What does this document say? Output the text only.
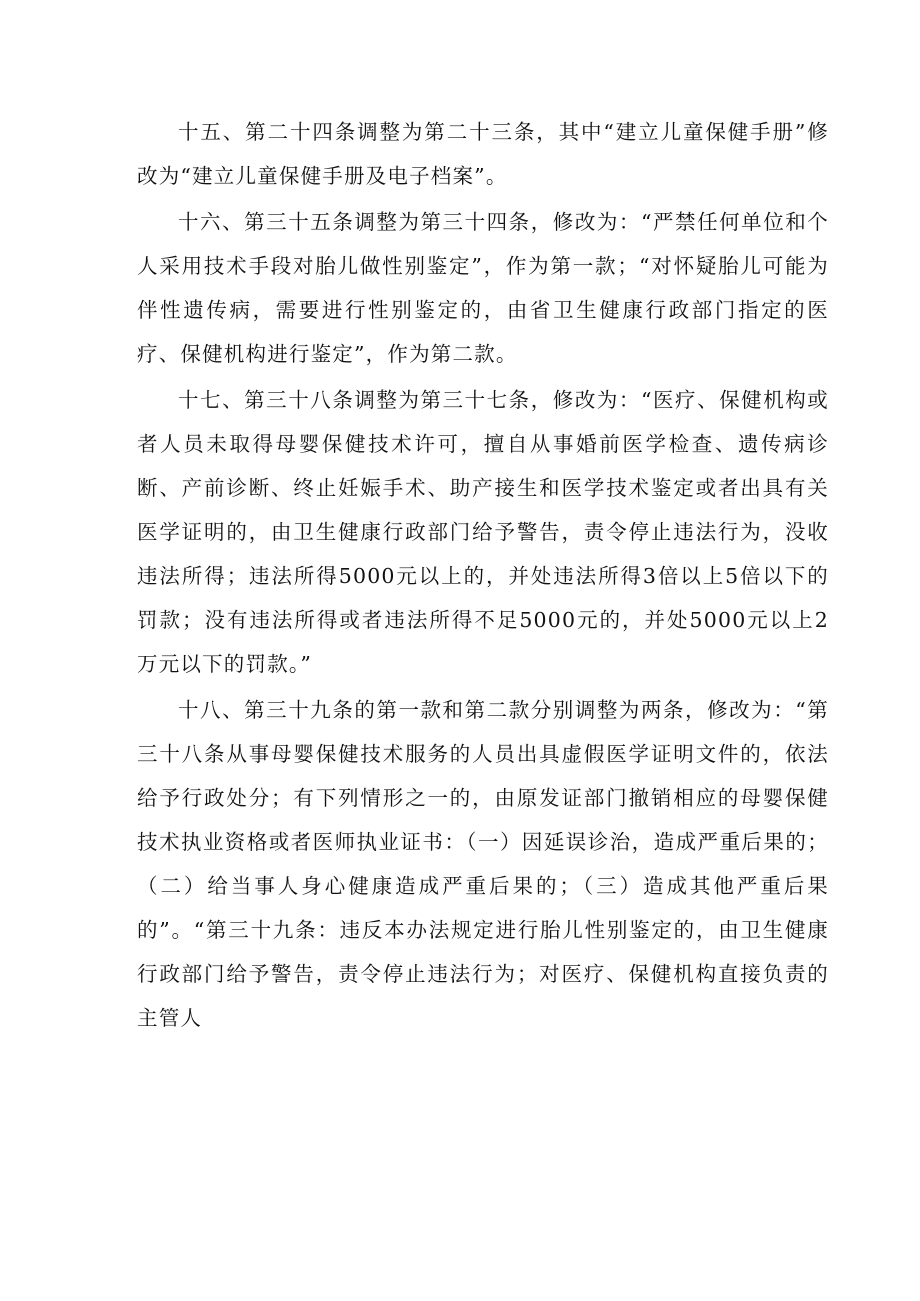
十五、第二十四条调整为第二十三条，其中“建立儿童保健手册”修改为“建立儿童保健手册及电子档案”。

十六、第三十五条调整为第三十四条，修改为：“严禁任何单位和个人采用技术手段对胎儿做性别鉴定”，作为第一款；“对怀疑胎儿可能为伴性遗传病，需要进行性别鉴定的，由省卫生健康行政部门指定的医疗、保健机构进行鉴定”，作为第二款。

十七、第三十八条调整为第三十七条，修改为：“医疗、保健机构或者人员未取得母婴保健技术许可，擅自从事婚前医学检查、遗传病诊断、产前诊断、终止妊娠手术、助产接生和医学技术鉴定或者出具有关医学证明的，由卫生健康行政部门给予警告，责令停止违法行为，没收违法所得；违法所得5000元以上的，并处违法所得3倍以上5倍以下的罚款；没有违法所得或者违法所得不足5000元的，并处5000元以上2万元以下的罚款。”

十八、第三十九条的第一款和第二款分别调整为两条，修改为：“第三十八条从事母婴保健技术服务的人员出具虚假医学证明文件的，依法给予行政处分；有下列情形之一的，由原发证部门撤销相应的母婴保健技术执业资格或者医师执业证书：（一）因延误诊治，造成严重后果的；（二）给当事人身心健康造成严重后果的；（三）造成其他严重后果的”。“第三十九条：违反本办法规定进行胎儿性别鉴定的，由卫生健康行政部门给予警告，责令停止违法行为；对医疗、保健机构直接负责的主管人
